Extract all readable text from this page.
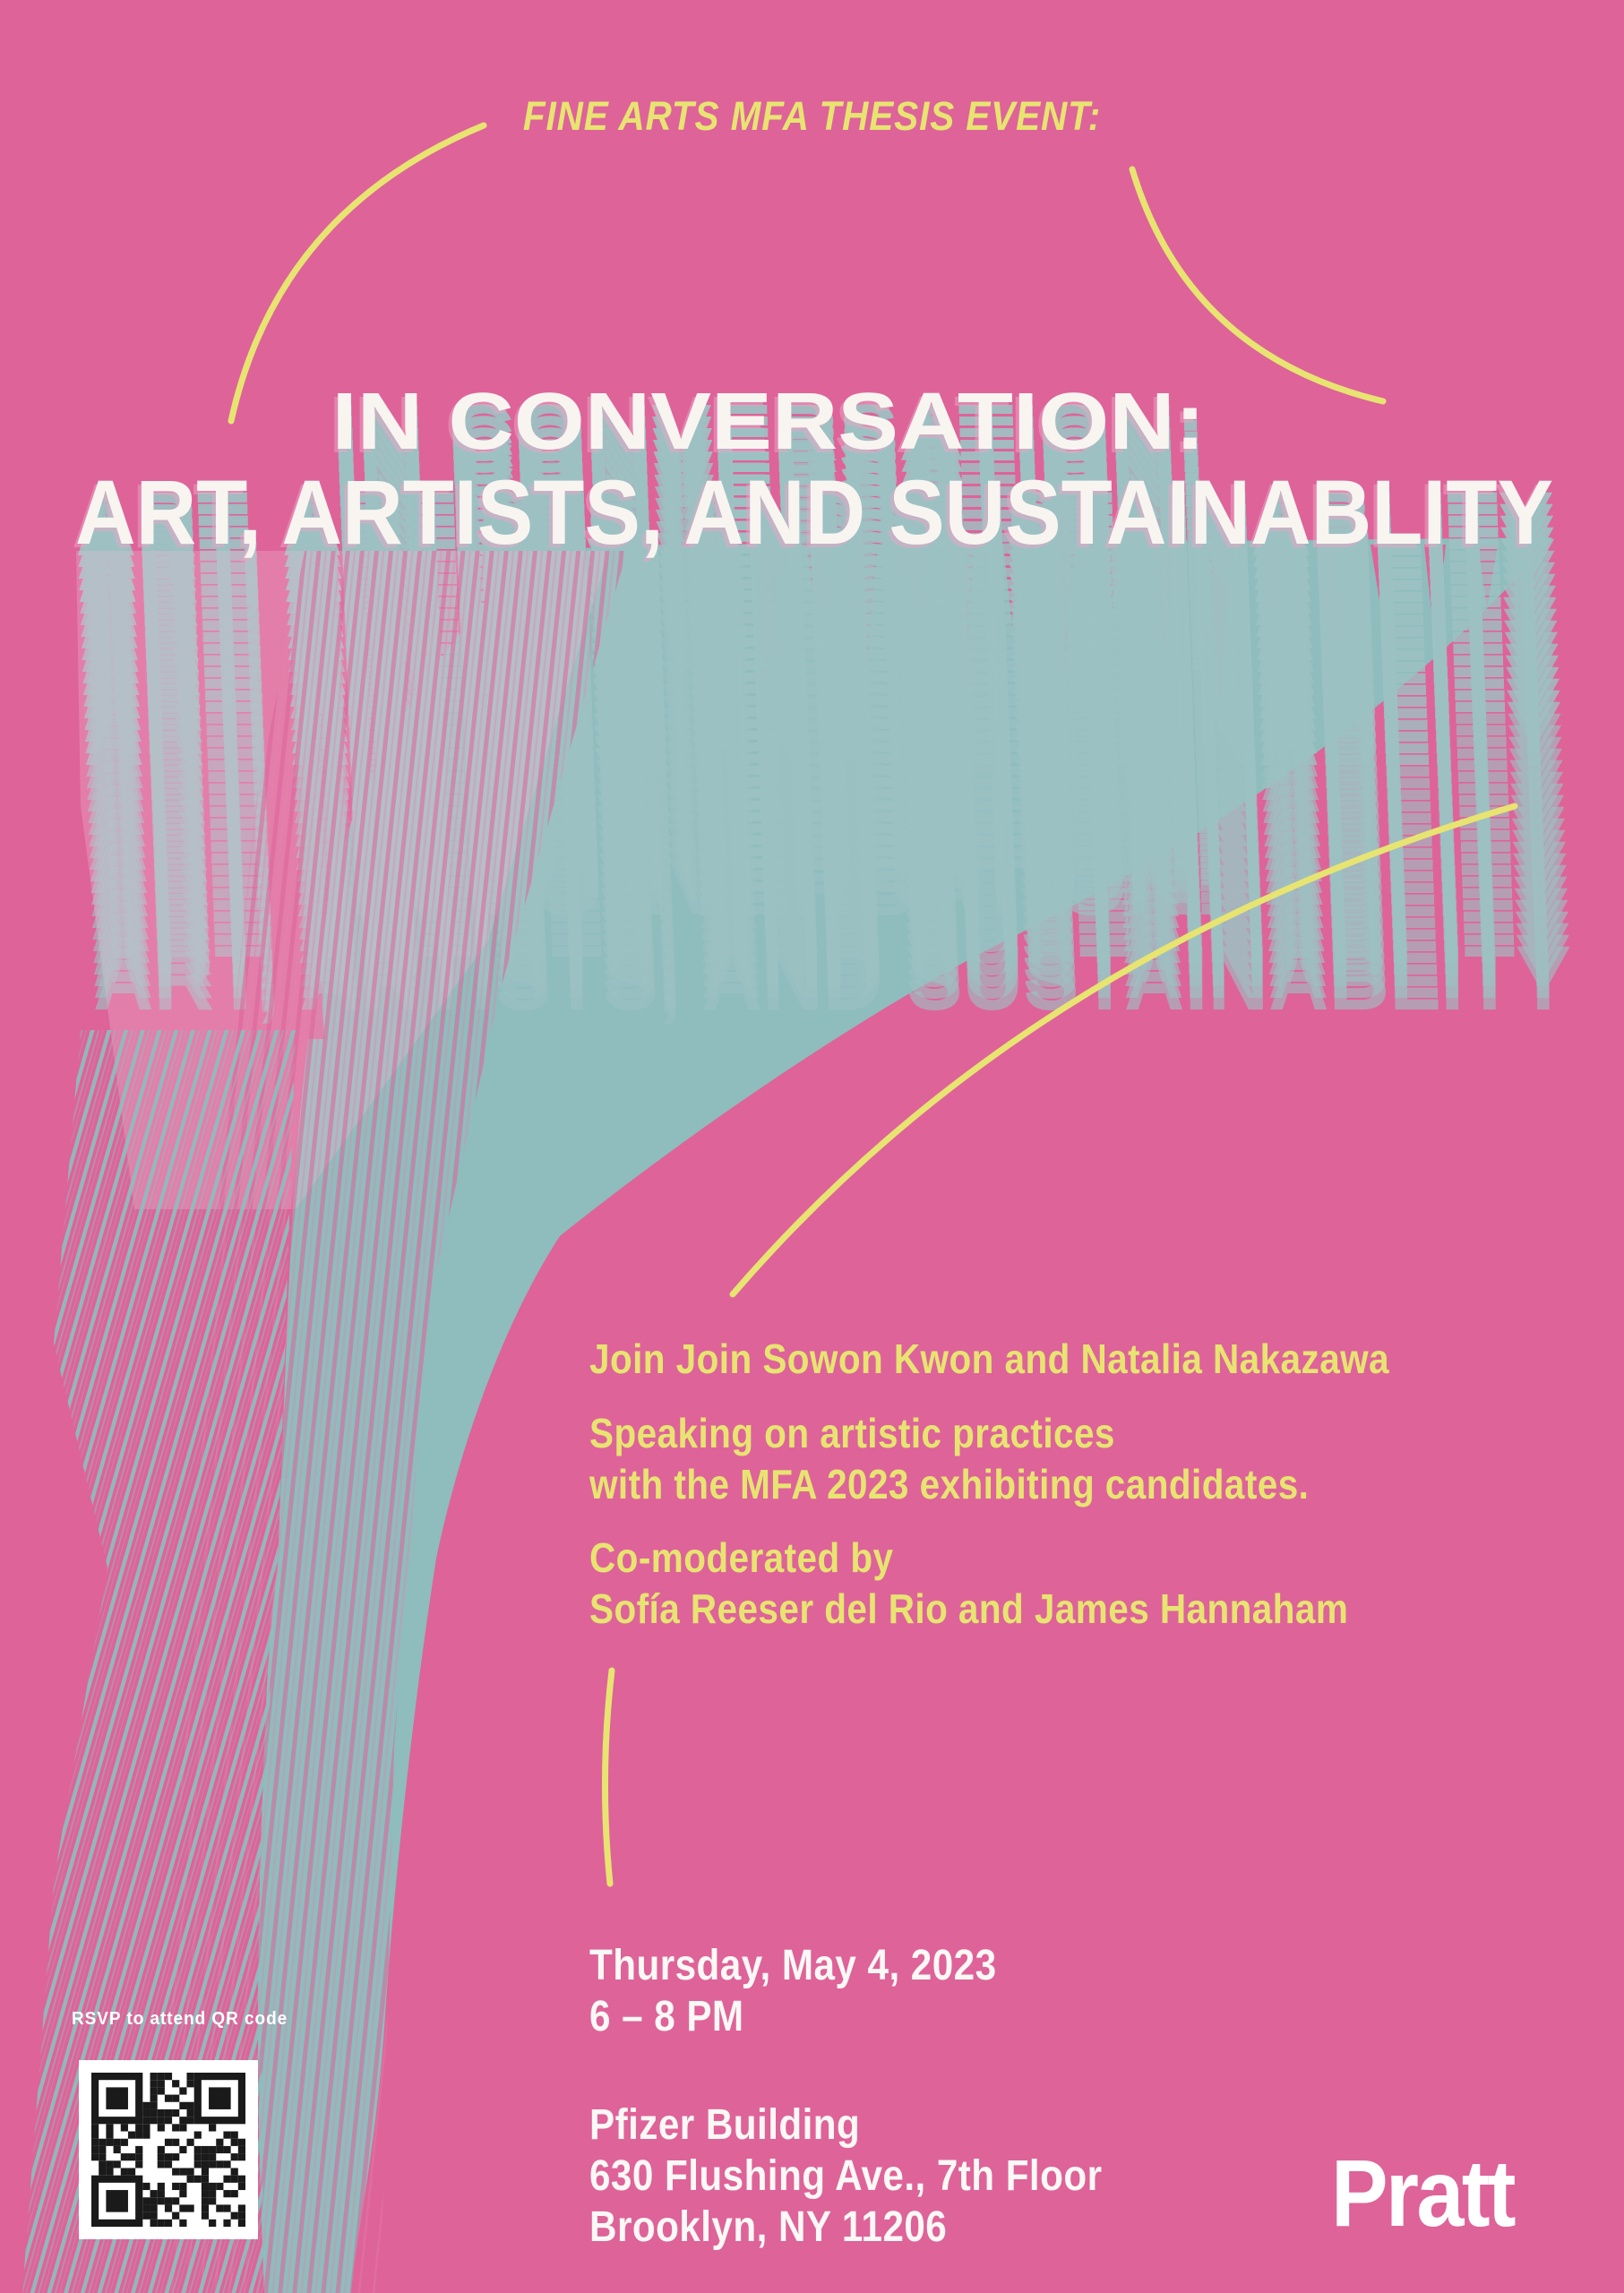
FINE ARTS MFA THESIS EVENT:
Join Join Sowon Kwon and Natalia Nakazawa
Speaking on artistic practices
with the MFA 2023 exhibiting candidates.
Co-moderated by
Sofía Reeser del Rio and James Hannaham
Thursday, May 4, 2023
6 – 8 PM
Pfizer Building
630 Flushing Ave., 7th Floor
Brooklyn, NY 11206
RSVP to attend QR code
Pratt
